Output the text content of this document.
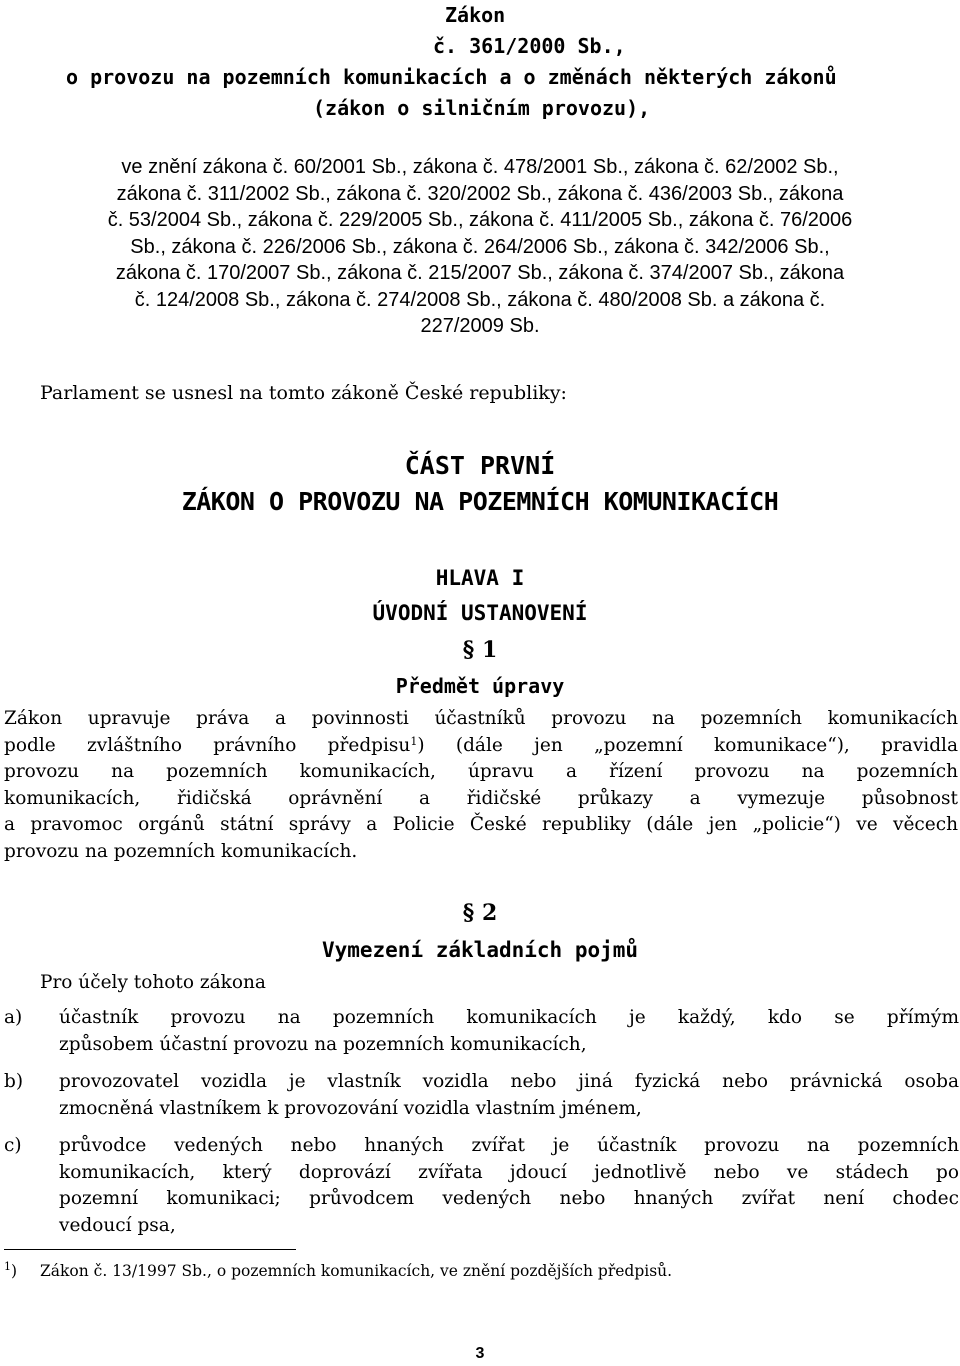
Zákon
č. 361/2000 Sb.,
o provozu na pozemních komunikacích a o změnách některých zákonů
(zákon o silničním provozu),
ve znění zákona č. 60/2001 Sb., zákona č. 478/2001 Sb., zákona č. 62/2002 Sb.,
zákona č. 311/2002 Sb., zákona č. 320/2002 Sb., zákona č. 436/2003 Sb., zákona
č. 53/2004 Sb., zákona č. 229/2005 Sb., zákona č. 411/2005 Sb., zákona č. 76/2006
Sb., zákona č. 226/2006 Sb., zákona č. 264/2006 Sb., zákona č. 342/2006 Sb.,
zákona č. 170/2007 Sb., zákona č. 215/2007 Sb., zákona č. 374/2007 Sb., zákona
č. 124/2008 Sb., zákona č. 274/2008 Sb., zákona č. 480/2008 Sb. a zákona č.
227/2009 Sb.
Parlament se usnesl na tomto zákoně České republiky:
ČÁST PRVNÍ
ZÁKON O PROVOZU NA POZEMNÍCH KOMUNIKACÍCH
HLAVA I
ÚVODNÍ USTANOVENÍ
§ 1
Předmět úpravy
Zákon upravuje práva a povinnosti účastníků provozu na pozemních komunikacích
podle zvláštního právního předpisu$^1$) (dále jen „pozemní komunikace“), pravidla
provozu na pozemních komunikacích, úpravu a řízení provozu na pozemních
komunikacích, řidičská oprávnění a řidičské průkazy a vymezuje působnost
a pravomoc orgánů státní správy a Policie České republiky (dále jen „policie“) ve věcech
provozu na pozemních komunikacích.
§ 2
Vymezení základních pojmů
Pro účely tohoto zákona
a) účastník provozu na pozemních komunikacích je každý, kdo se přímým
způsobem účastní provozu na pozemních komunikacích,
b) provozovatel vozidla je vlastník vozidla nebo jiná fyzická nebo právnická osoba
zmocněná vlastníkem k provozování vozidla vlastním jménem,
c) průvodce vedených nebo hnaných zvířat je účastník provozu na pozemních
komunikacích, který doprovází zvířata jdoucí jednotlivě nebo ve stádech po
pozemní komunikaci; průvodcem vedených nebo hnaných zvířat není chodec
vedoucí psa,
$^1$) Zákon č. 13/1997 Sb., o pozemních komunikacích, ve znění pozdějších předpisů.
3
